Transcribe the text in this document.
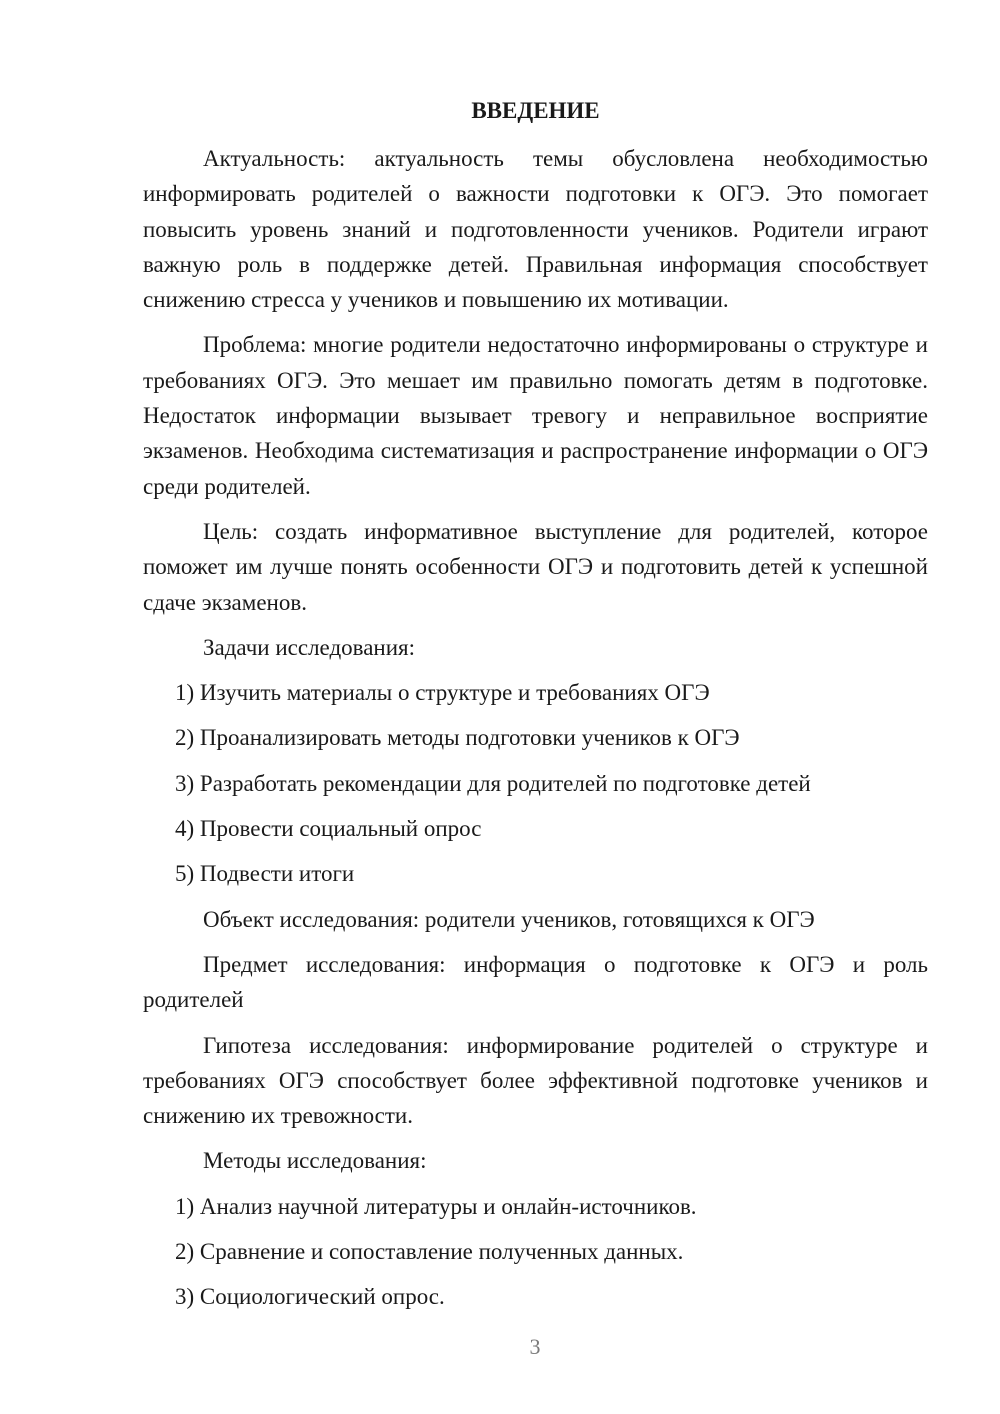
ВВЕДЕНИЕ

Актуальность: актуальность темы обусловлена необходимостью информировать родителей о важности подготовки к ОГЭ. Это помогает повысить уровень знаний и подготовленности учеников. Родители играют важную роль в поддержке детей. Правильная информация способствует снижению стресса у учеников и повышению их мотивации.

Проблема: многие родители недостаточно информированы о структуре и требованиях ОГЭ. Это мешает им правильно помогать детям в подготовке. Недостаток информации вызывает тревогу и неправильное восприятие экзаменов. Необходима систематизация и распространение информации о ОГЭ среди родителей.

Цель: создать информативное выступление для родителей, которое поможет им лучше понять особенности ОГЭ и подготовить детей к успешной сдаче экзаменов.

Задачи исследования:
1) Изучить материалы о структуре и требованиях ОГЭ
2) Проанализировать методы подготовки учеников к ОГЭ
3) Разработать рекомендации для родителей по подготовке детей
4) Провести социальный опрос
5) Подвести итоги
Объект исследования: родители учеников, готовящихся к ОГЭ

Предмет исследования: информация о подготовке к ОГЭ и роль родителей

Гипотеза исследования: информирование родителей о структуре и требованиях ОГЭ способствует более эффективной подготовке учеников и снижению их тревожности.

Методы исследования:
1) Анализ научной литературы и онлайн-источников.
2) Сравнение и сопоставление полученных данных.
3) Социологический опрос.
3
